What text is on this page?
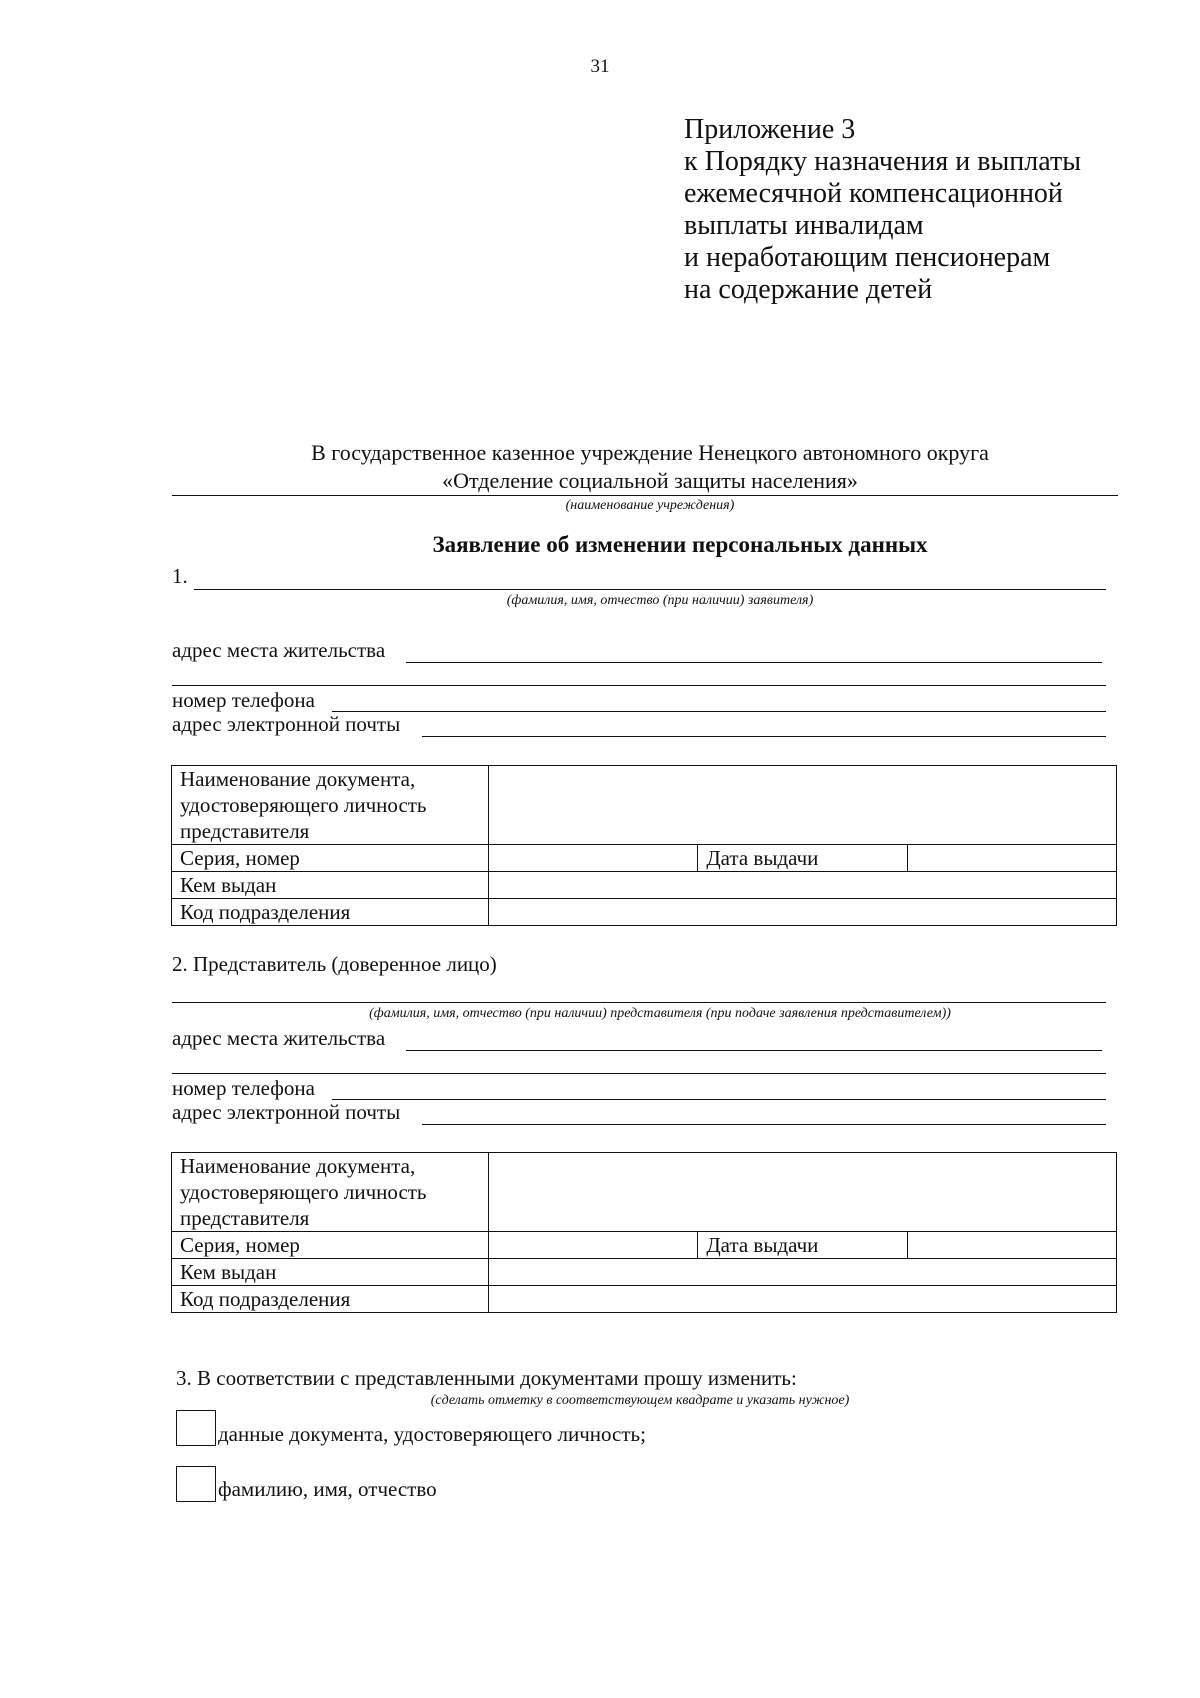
31
Приложение 3
к Порядку назначения и выплаты
ежемесячной компенсационной
выплаты инвалидам
и неработающим пенсионерам
на содержание детей
В государственное казенное учреждение Ненецкого автономного округа
«Отделение социальной защиты населения»
(наименование учреждения)
Заявление об изменении персональных данных
1.
(фамилия, имя, отчество (при наличии) заявителя)
адрес места жительства
номер телефона
адрес электронной почты
Наименование документа, удостоверяющего личность представителя			
Серия, номер		Дата выдачи	
Кем выдан			
Код подразделения			
2. Представитель (доверенное лицо)
(фамилия, имя, отчество (при наличии) представителя (при подаче заявления представителем))
адрес места жительства
номер телефона
адрес электронной почты
Наименование документа, удостоверяющего личность представителя			
Серия, номер		Дата выдачи	
Кем выдан			
Код подразделения			
3. В соответствии с представленными документами прошу изменить:
(сделать отметку в соответствующем квадрате и указать нужное)
данные документа, удостоверяющего личность;
фамилию, имя, отчество
